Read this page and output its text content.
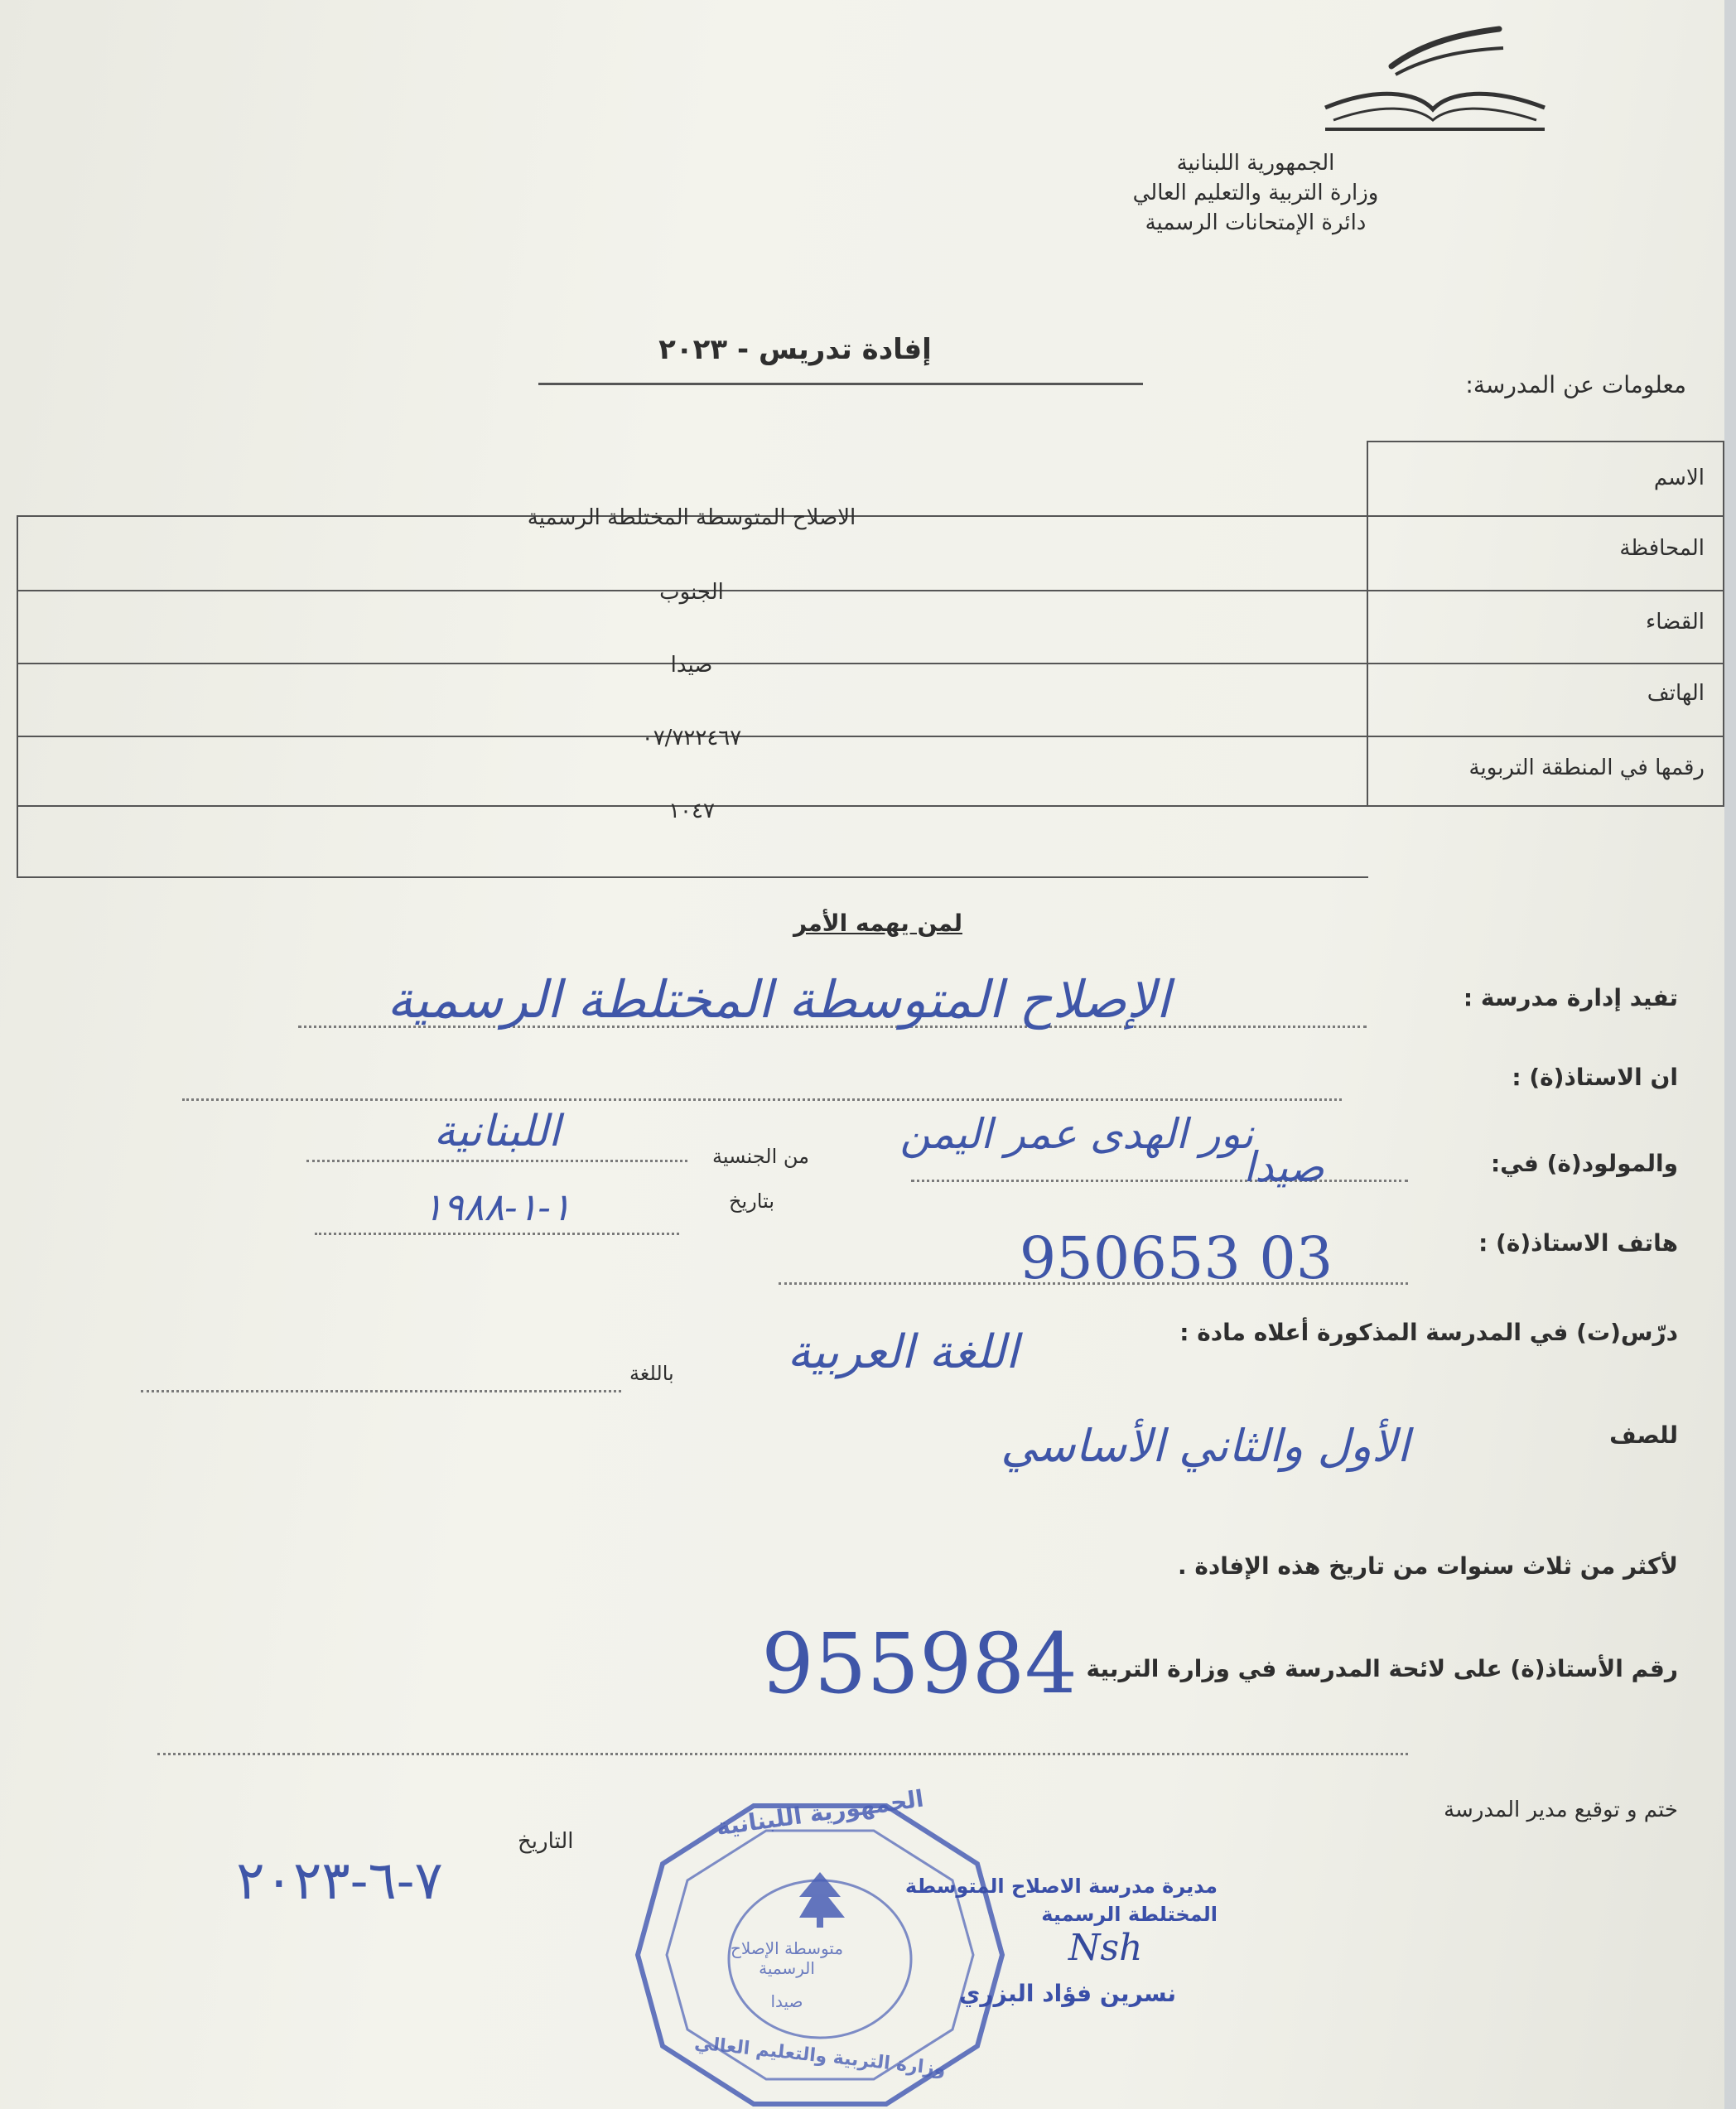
الجمهورية اللبنانية
وزارة التربية والتعليم العالي
دائرة الإمتحانات الرسمية
إفادة تدريس - ٢٠٢٣
معلومات عن المدرسة:
الاسم
المحافظة
القضاء
الهاتف
رقمها في المنطقة التربوية
الاصلاح المتوسطة المختلطة الرسمية
الجنوب
صيدا
٠٧/٧٢٢٤٦٧
١٠٤٧
لمن يهمه الأمر
تفيد إدارة مدرسة :
الإصلاح المتوسطة المختلطة الرسمية
ان الاستاذ(ة) :
والمولود(ة) في:
نور الهدى عمر اليمن
من الجنسية
اللبنانية
صيدا
بتاريخ
١-١-١٩٨٨
هاتف الاستاذ(ة) :
03 950653
درّس(ت) في المدرسة المذكورة أعلاه مادة :
اللغة العربية
باللغة
للصف
الأول والثاني الأساسي
لأكثر من ثلاث سنوات من تاريخ هذه الإفادة .
رقم الأستاذ(ة) على لائحة المدرسة في وزارة التربية
955984
ختم و توقيع مدير المدرسة
التاريخ
٧-٦-٢٠٢٣
الجمهورية اللبنانية
متوسطة الإصلاح الرسمية
صيدا
وزارة التربية والتعليم العالي
مديرة مدرسة الاصلاح المتوسطة المختلطة الرسمية
Nsh
نسرين فؤاد البزري
